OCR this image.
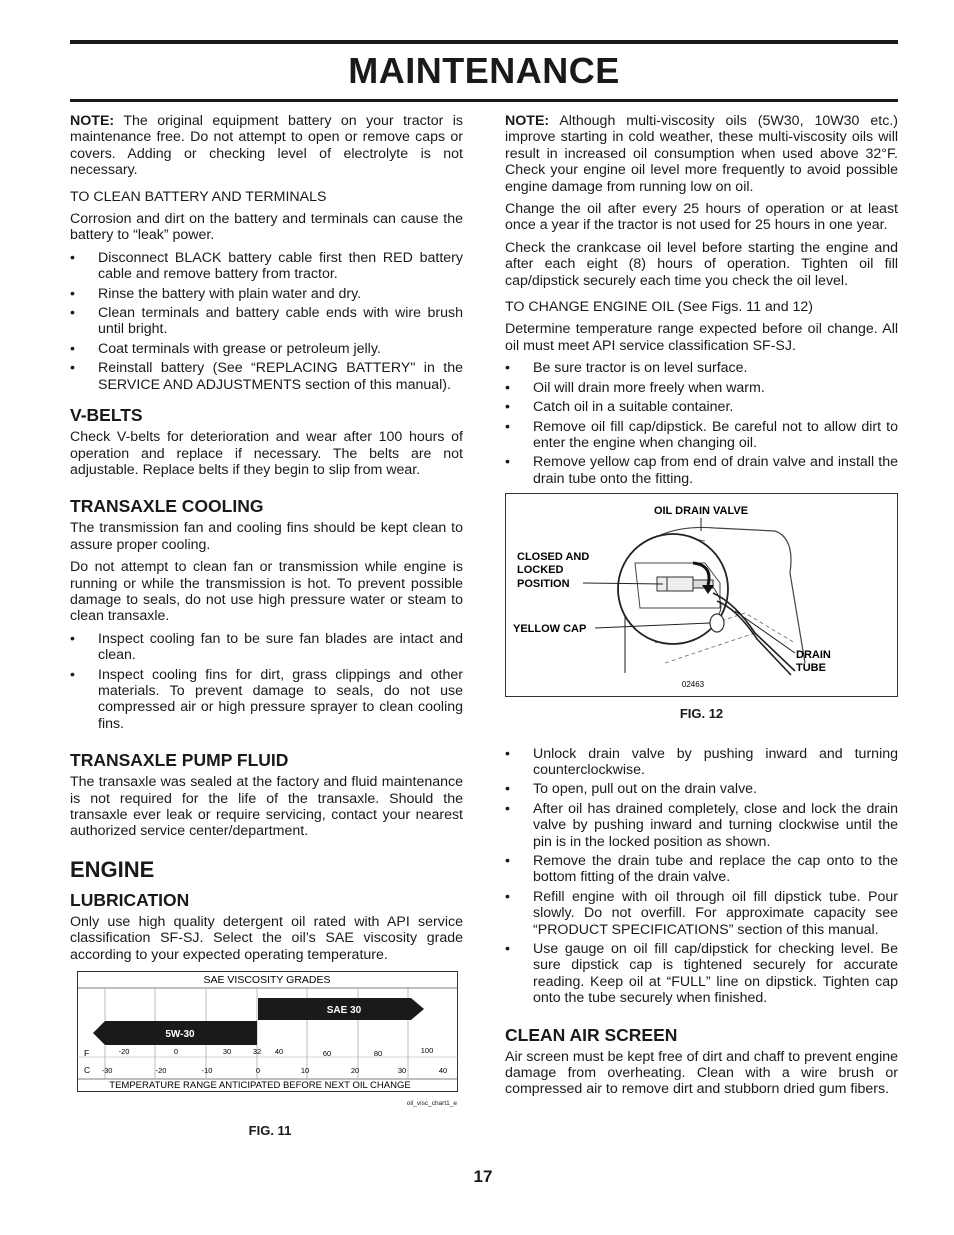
MAINTENANCE

NOTE: The original equipment battery on your tractor is maintenance free. Do not attempt to open or remove caps or covers. Adding or checking level of electrolyte is not necessary.

TO CLEAN BATTERY AND TERMINALS

Corrosion and dirt on the battery and terminals can cause the battery to “leak” power.

• Disconnect BLACK battery cable first then RED battery cable and remove battery from tractor.
• Rinse the battery with plain water and dry.
• Clean terminals and battery cable ends with wire brush until bright.
• Coat terminals with grease or petroleum jelly.
• Reinstall battery (See “REPLACING BATTERY" in the SERVICE AND ADJUSTMENTS section of this manual).
V-BELTS

Check V-belts for deterioration and wear after 100 hours of operation and replace if necessary. The belts are not adjustable. Replace belts if they begin to slip from wear.

TRANSAXLE COOLING

The transmission fan and cooling fins should be kept clean to assure proper cooling.

Do not attempt to clean fan or transmission while engine is running or while the transmission is hot. To prevent possible damage to seals, do not use high pressure water or steam to clean transaxle.

• Inspect cooling fan to be sure fan blades are intact and clean.
• Inspect cooling fins for dirt, grass clippings and other materials. To prevent damage to seals, do not use compressed air or high pressure sprayer to clean cooling fins.
TRANSAXLE PUMP FLUID

The transaxle was sealed at the factory and fluid maintenance is not required for the life of the transaxle. Should the transaxle ever leak or require servicing, contact your nearest authorized service center/department.

ENGINE
LUBRICATION

Only use high quality detergent oil rated with API service classification SF-SJ. Select the oil’s SAE viscosity grade according to your expected operating temperature.

SAE VISCOSITY GRADES
SAE 30
5W-30
F	-20	0	30	32 40	60	80	100
C -30	-20	-10	0	10	20	30	40
TEMPERATURE RANGE ANTICIPATED BEFORE NEXT OIL CHANGE
oil_visc_chart1_e
FIG. 11

NOTE: Although multi-viscosity oils (5W30, 10W30 etc.) improve starting in cold weather, these multi-viscosity oils will result in increased oil consumption when used above 32°F. Check your engine oil level more frequently to avoid possible engine damage from running low on oil.

Change the oil after every 25 hours of operation or at least once a year if the tractor is not used for 25 hours in one year.

Check the crankcase oil level before starting the engine and after each eight (8) hours of operation. Tighten oil fill cap/dipstick securely each time you check the oil level.

TO CHANGE ENGINE OIL (See Figs. 11 and 12)

Determine temperature range expected before oil change. All oil must meet API service classification SF-SJ.

• Be sure tractor is on level surface.
• Oil will drain more freely when warm.
• Catch oil in a suitable container.
• Remove oil fill cap/dipstick. Be careful not to allow dirt to enter the engine when changing oil.
• Remove yellow cap from end of drain valve and install the drain tube onto the fitting.
OIL DRAIN VALVE
CLOSED AND
LOCKED
POSITION
YELLOW CAP
DRAIN
TUBE
02463
FIG. 12
• Unlock drain valve by pushing inward and turning counterclockwise.
• To open, pull out on the drain valve.
• After oil has drained completely, close and lock the drain valve by pushing inward and turning clockwise until the pin is in the locked position as shown.
• Remove the drain tube and replace the cap onto to the bottom fitting of the drain valve.
• Refill engine with oil through oil fill dipstick tube. Pour slowly. Do not overfill. For approximate capacity see “PRODUCT SPECIFICATIONS” section of this manual.
• Use gauge on oil fill cap/dipstick for checking level. Be sure dipstick cap is tightened securely for accurate reading. Keep oil at “FULL” line on dipstick. Tighten cap onto the tube securely when finished.
CLEAN AIR SCREEN

Air screen must be kept free of dirt and chaff to prevent engine damage from overheating. Clean with a wire brush or compressed air to remove dirt and stubborn dried gum fibers.

17
